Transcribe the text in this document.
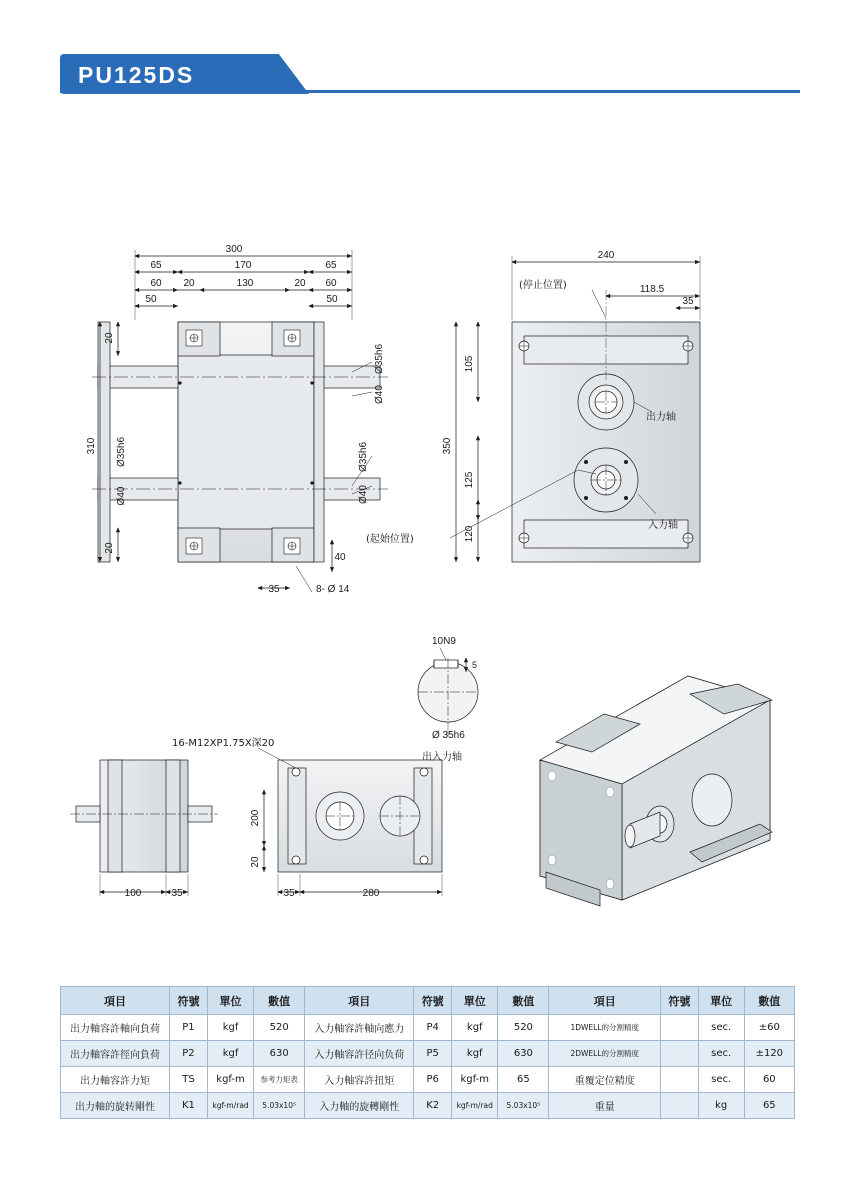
PU125DS
300
170
65	65
60	60
130
20	20
50	50
20
20
310
40
35	8- Ø 14
Ø35h6
Ø40
Ø35h6
Ø40
Ø35h6
Ø40
240
118.5
35
105
350
125
120
(停止位置)
(起始位置)
出力轴
入力轴
10N9
5
Ø 35h6
出入力轴
16-M12XP1.75X深20
100	35	35	280
200
20
項目	符號	單位	數值	項目	符號	單位	數值	項目	符號	單位	數值
出力軸容許軸向負荷	P1	kgf	520	入力軸容許軸向應力	P4	kgf	520	1DWELL的分割精度		sec.	±60
出力軸容許徑向負荷	P2	kgf	630	入力軸容許径向负荷	P5	kgf	630	2DWELL的分割精度		sec.	±120
出力軸容許力矩	TS	kgf-m	参考力矩表	入力軸容許扭矩	P6	kgf-m	65	重覆定位精度		sec.	60
出力軸的旋转剛性	K1	kgf-m/rad	5.03x10⁵	入力軸的旋轉剛性	K2	kgf-m/rad	5.03x10⁵	重量		kg	65
